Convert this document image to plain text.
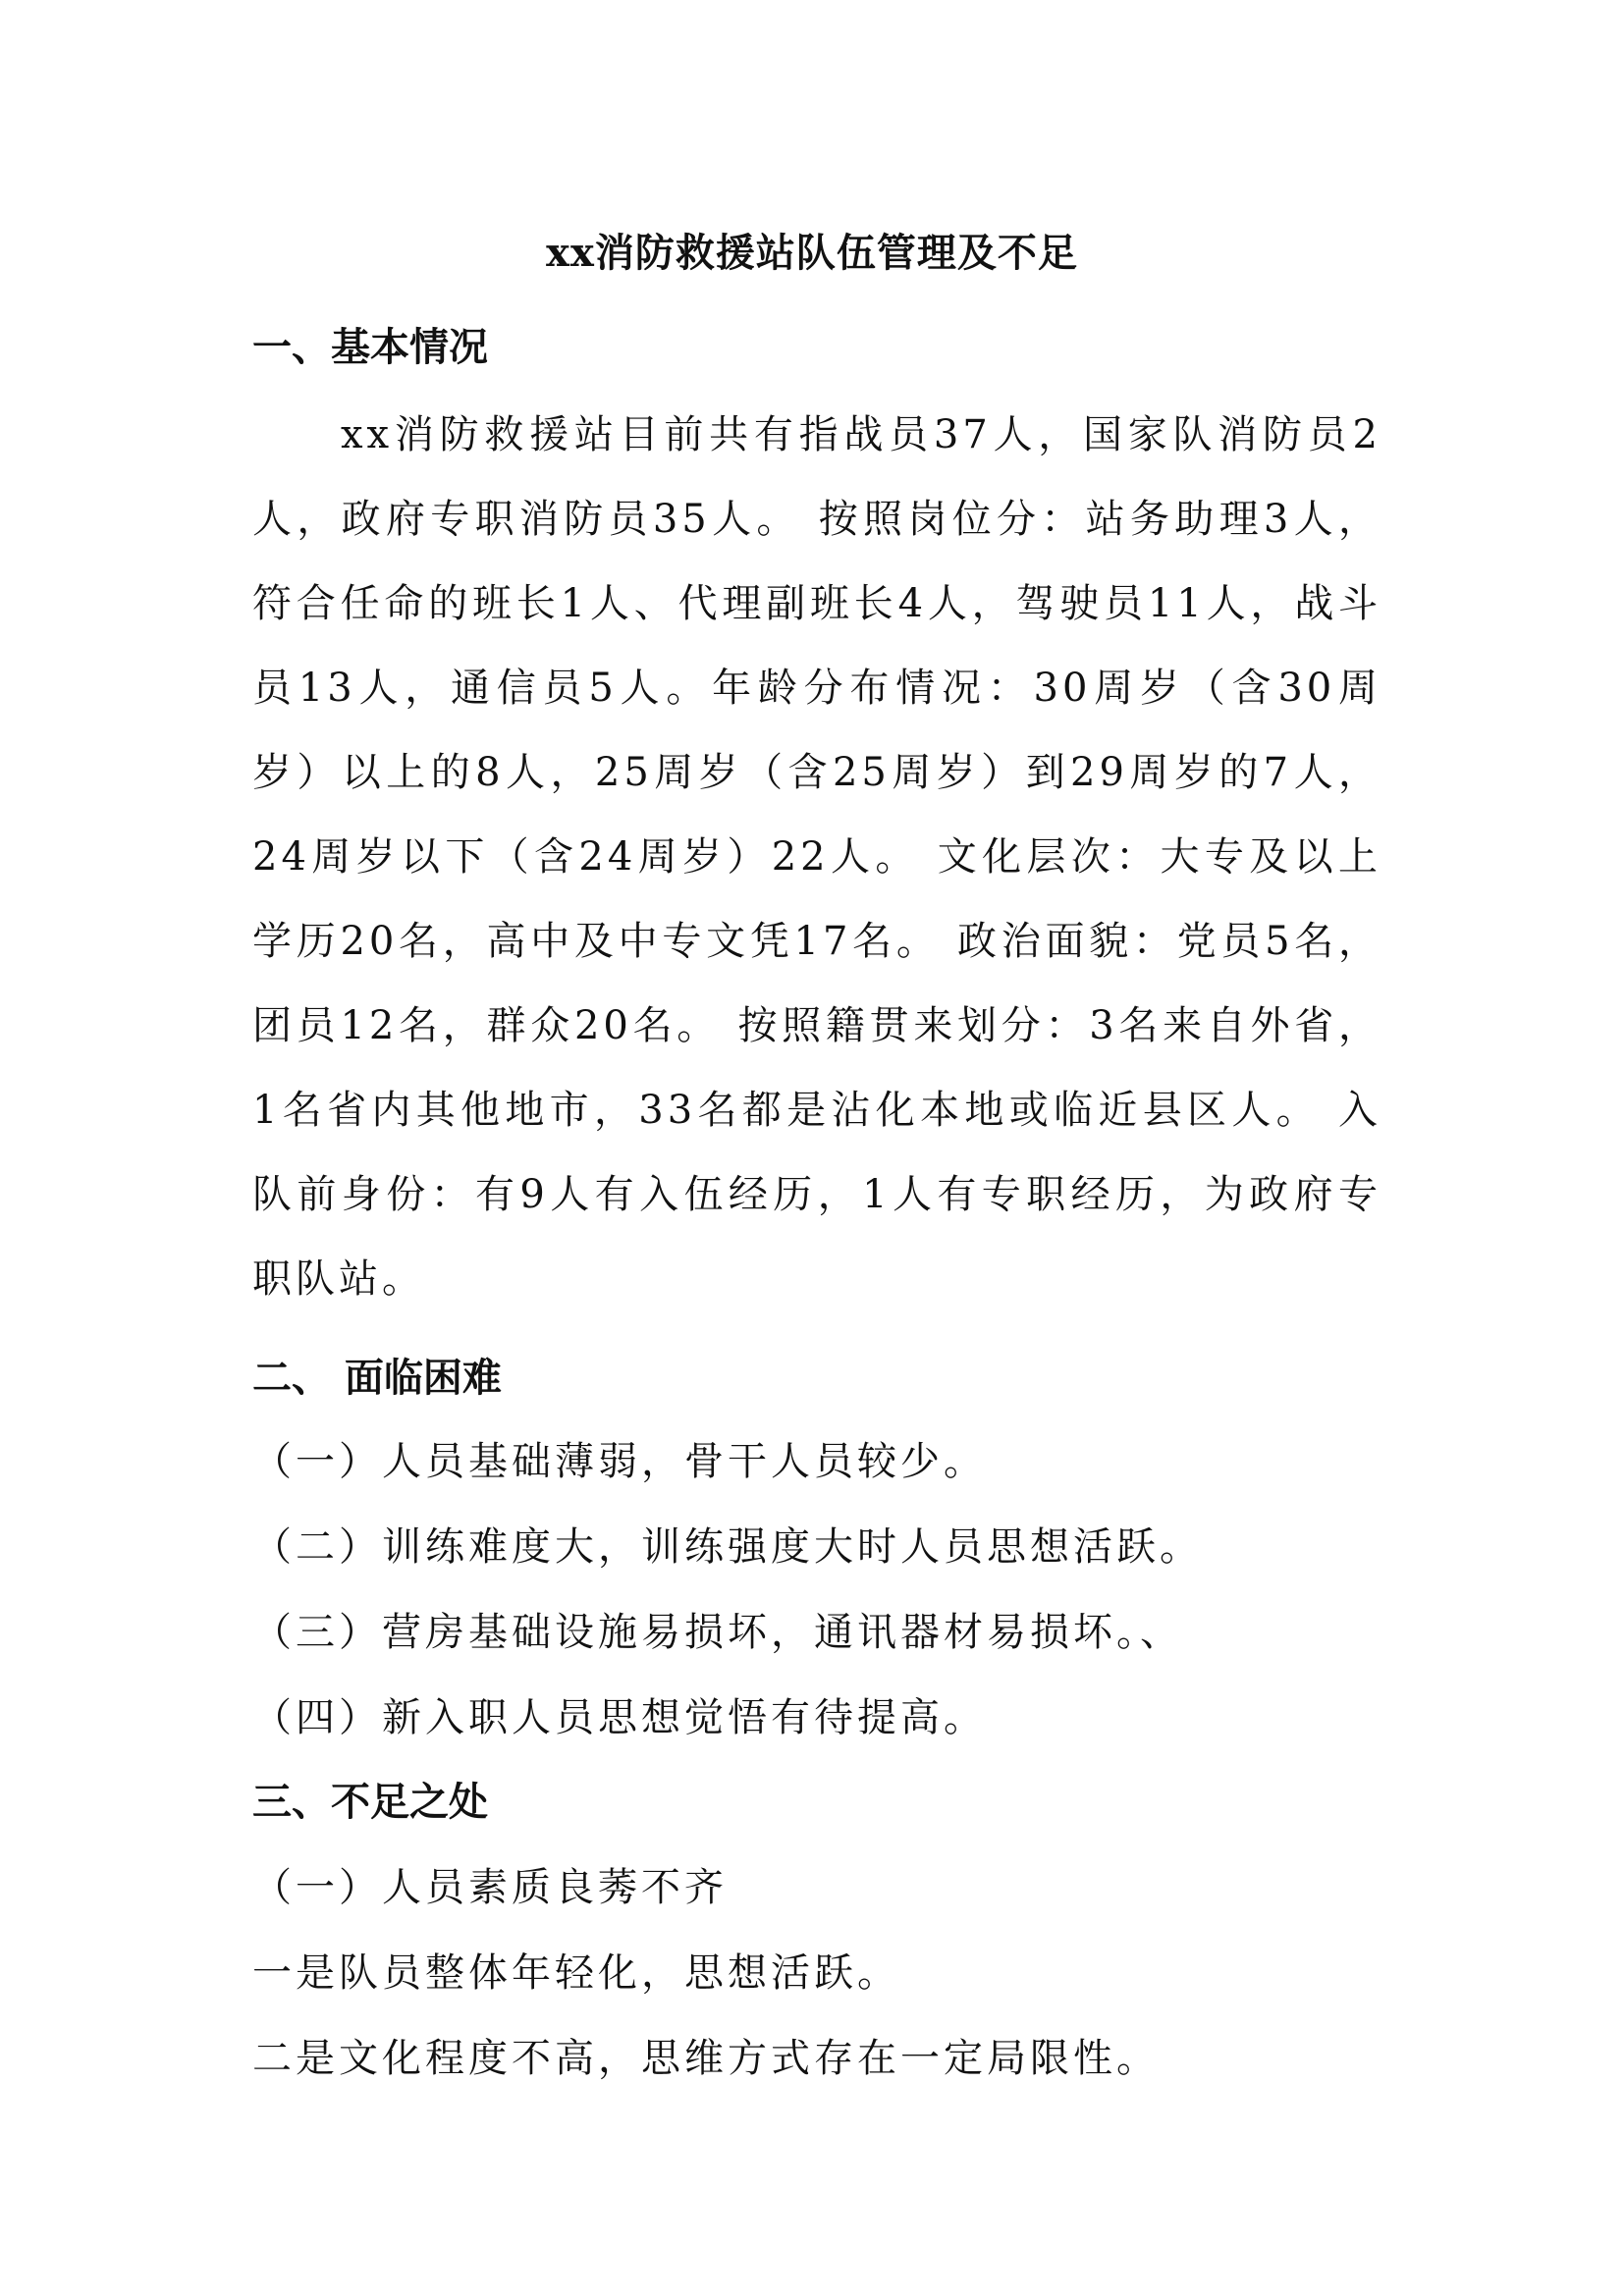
xx消防救援站队伍管理及不足
一、基本情况
xx消防救援站目前共有指战员37人，国家队消防员2人，政府专职消防员35人。 按照岗位分：站务助理3人，符合任命的班长1人、代理副班长4人，驾驶员11人，战斗员13人，通信员5人。年龄分布情况：30周岁（含30周岁）以上的8人，25周岁（含25周岁）到29周岁的7人，24周岁以下（含24周岁）22人。 文化层次：大专及以上学历20名，高中及中专文凭17名。 政治面貌：党员5名，团员12名，群众20名。 按照籍贯来划分：3名来自外省，1名省内其他地市，33名都是沾化本地或临近县区人。 入队前身份：有9人有入伍经历，1人有专职经历，为政府专职队站。
二、 面临困难
（一）人员基础薄弱，骨干人员较少。
（二）训练难度大，训练强度大时人员思想活跃。
（三）营房基础设施易损坏，通讯器材易损坏。、
（四）新入职人员思想觉悟有待提高。
三、不足之处
（一）人员素质良莠不齐
一是队员整体年轻化，思想活跃。
二是文化程度不高，思维方式存在一定局限性。
